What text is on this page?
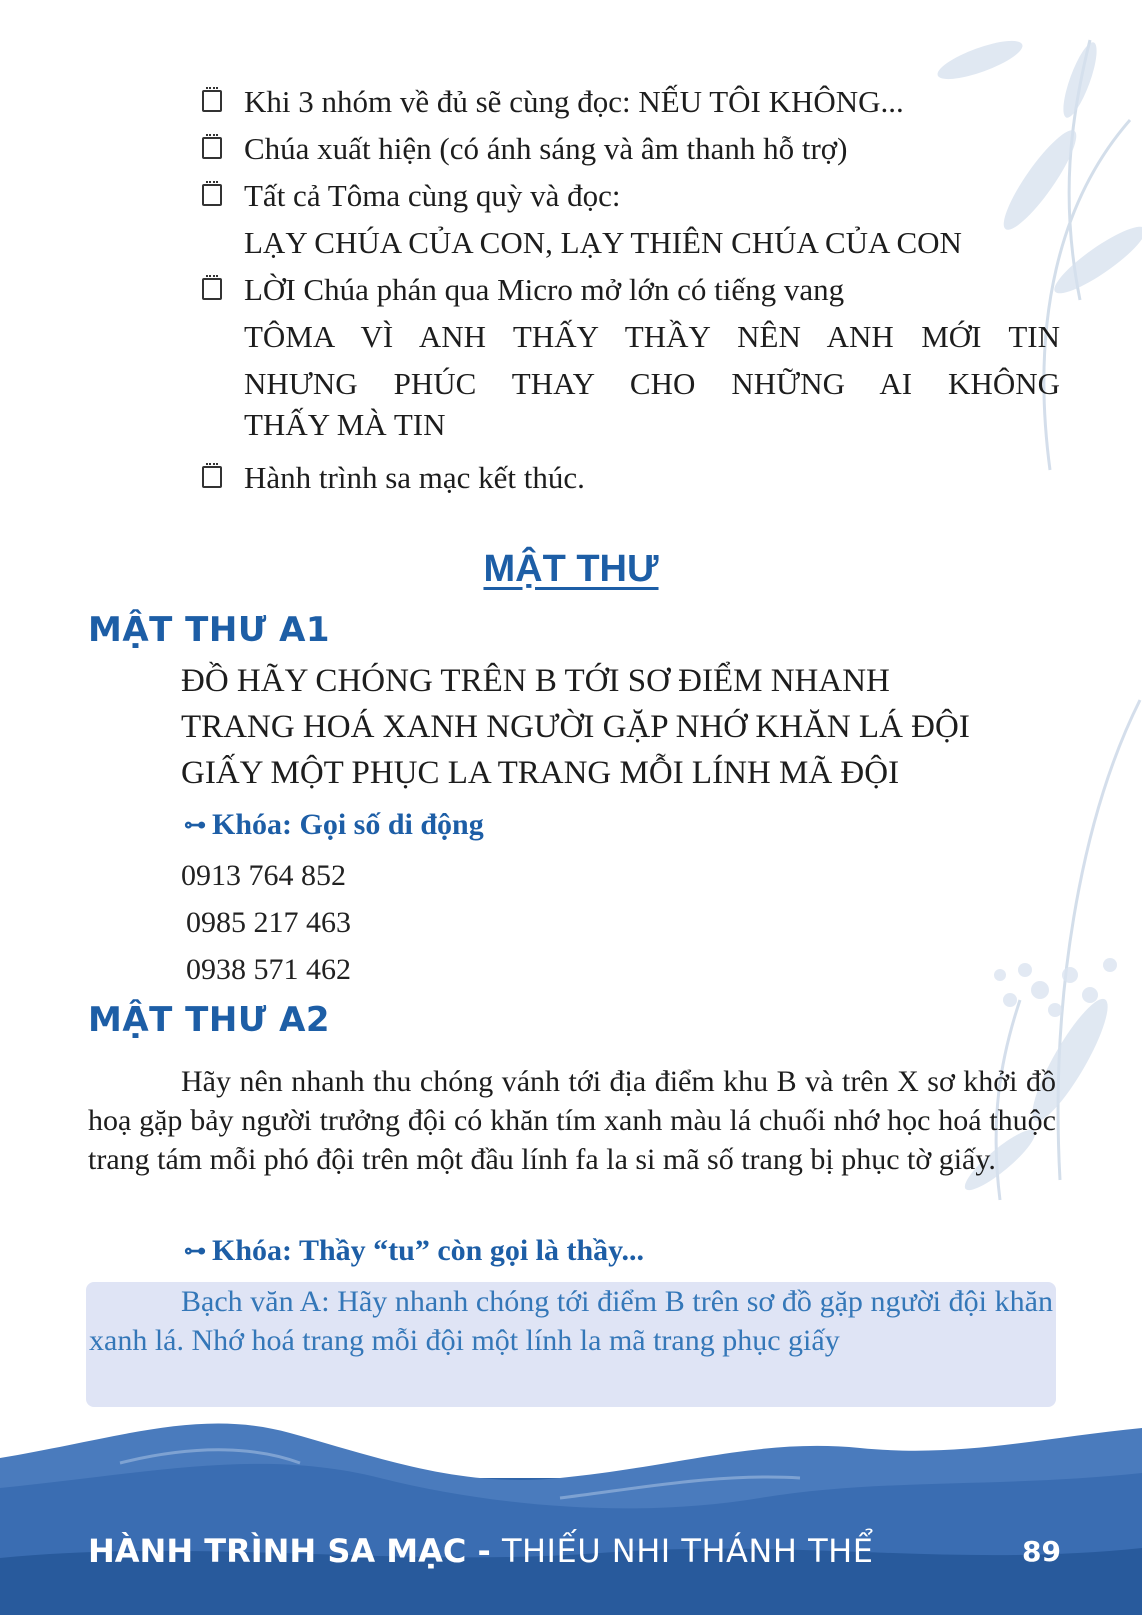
Khi 3 nhóm về đủ sẽ cùng đọc: NẾU TÔI KHÔNG...
Chúa xuất hiện (có ánh sáng và âm thanh hỗ trợ)
Tất cả Tôma cùng quỳ và đọc:
LẠY CHÚA CỦA CON, LẠY THIÊN CHÚA CỦA CON
LỜI Chúa phán qua Micro mở lớn có tiếng vang
TÔMA VÌ ANH THẤY THẦY NÊN ANH MỚI TIN
NHƯNG PHÚC THAY CHO NHỮNG AI KHÔNG
THẤY MÀ TIN
Hành trình sa mạc kết thúc.
MẬT THƯ
MẬT THƯ A1
ĐỒ HÃY CHÓNG TRÊN B TỚI SƠ ĐIỂM NHANH
TRANG HOÁ XANH NGƯỜI GẶP NHỚ KHĂN LÁ ĐỘI
GIẤY MỘT PHỤC LA TRANG MỖI LÍNH MÃ ĐỘI
⊶ Khóa: Gọi số di động
0913 764 852
0985 217 463
0938 571 462
MẬT THƯ A2
Hãy nên nhanh thu chóng vánh tới địa điểm khu B và trên X sơ khởi đồ hoạ gặp bảy người trưởng đội có khăn tím xanh màu lá chuối nhớ học hoá thuộc trang tám mỗi phó đội trên một đầu lính fa la si mã số trang bị phục tờ giấy.
⊶ Khóa: Thầy “tu” còn gọi là thầy...

Bạch văn A: Hãy nhanh chóng tới điểm B trên sơ đồ gặp người đội khăn xanh lá. Nhớ hoá trang mỗi đội một lính la mã trang phục giấy

HÀNH TRÌNH SA MẠC - THIẾU NHI THÁNH THỂ	89
